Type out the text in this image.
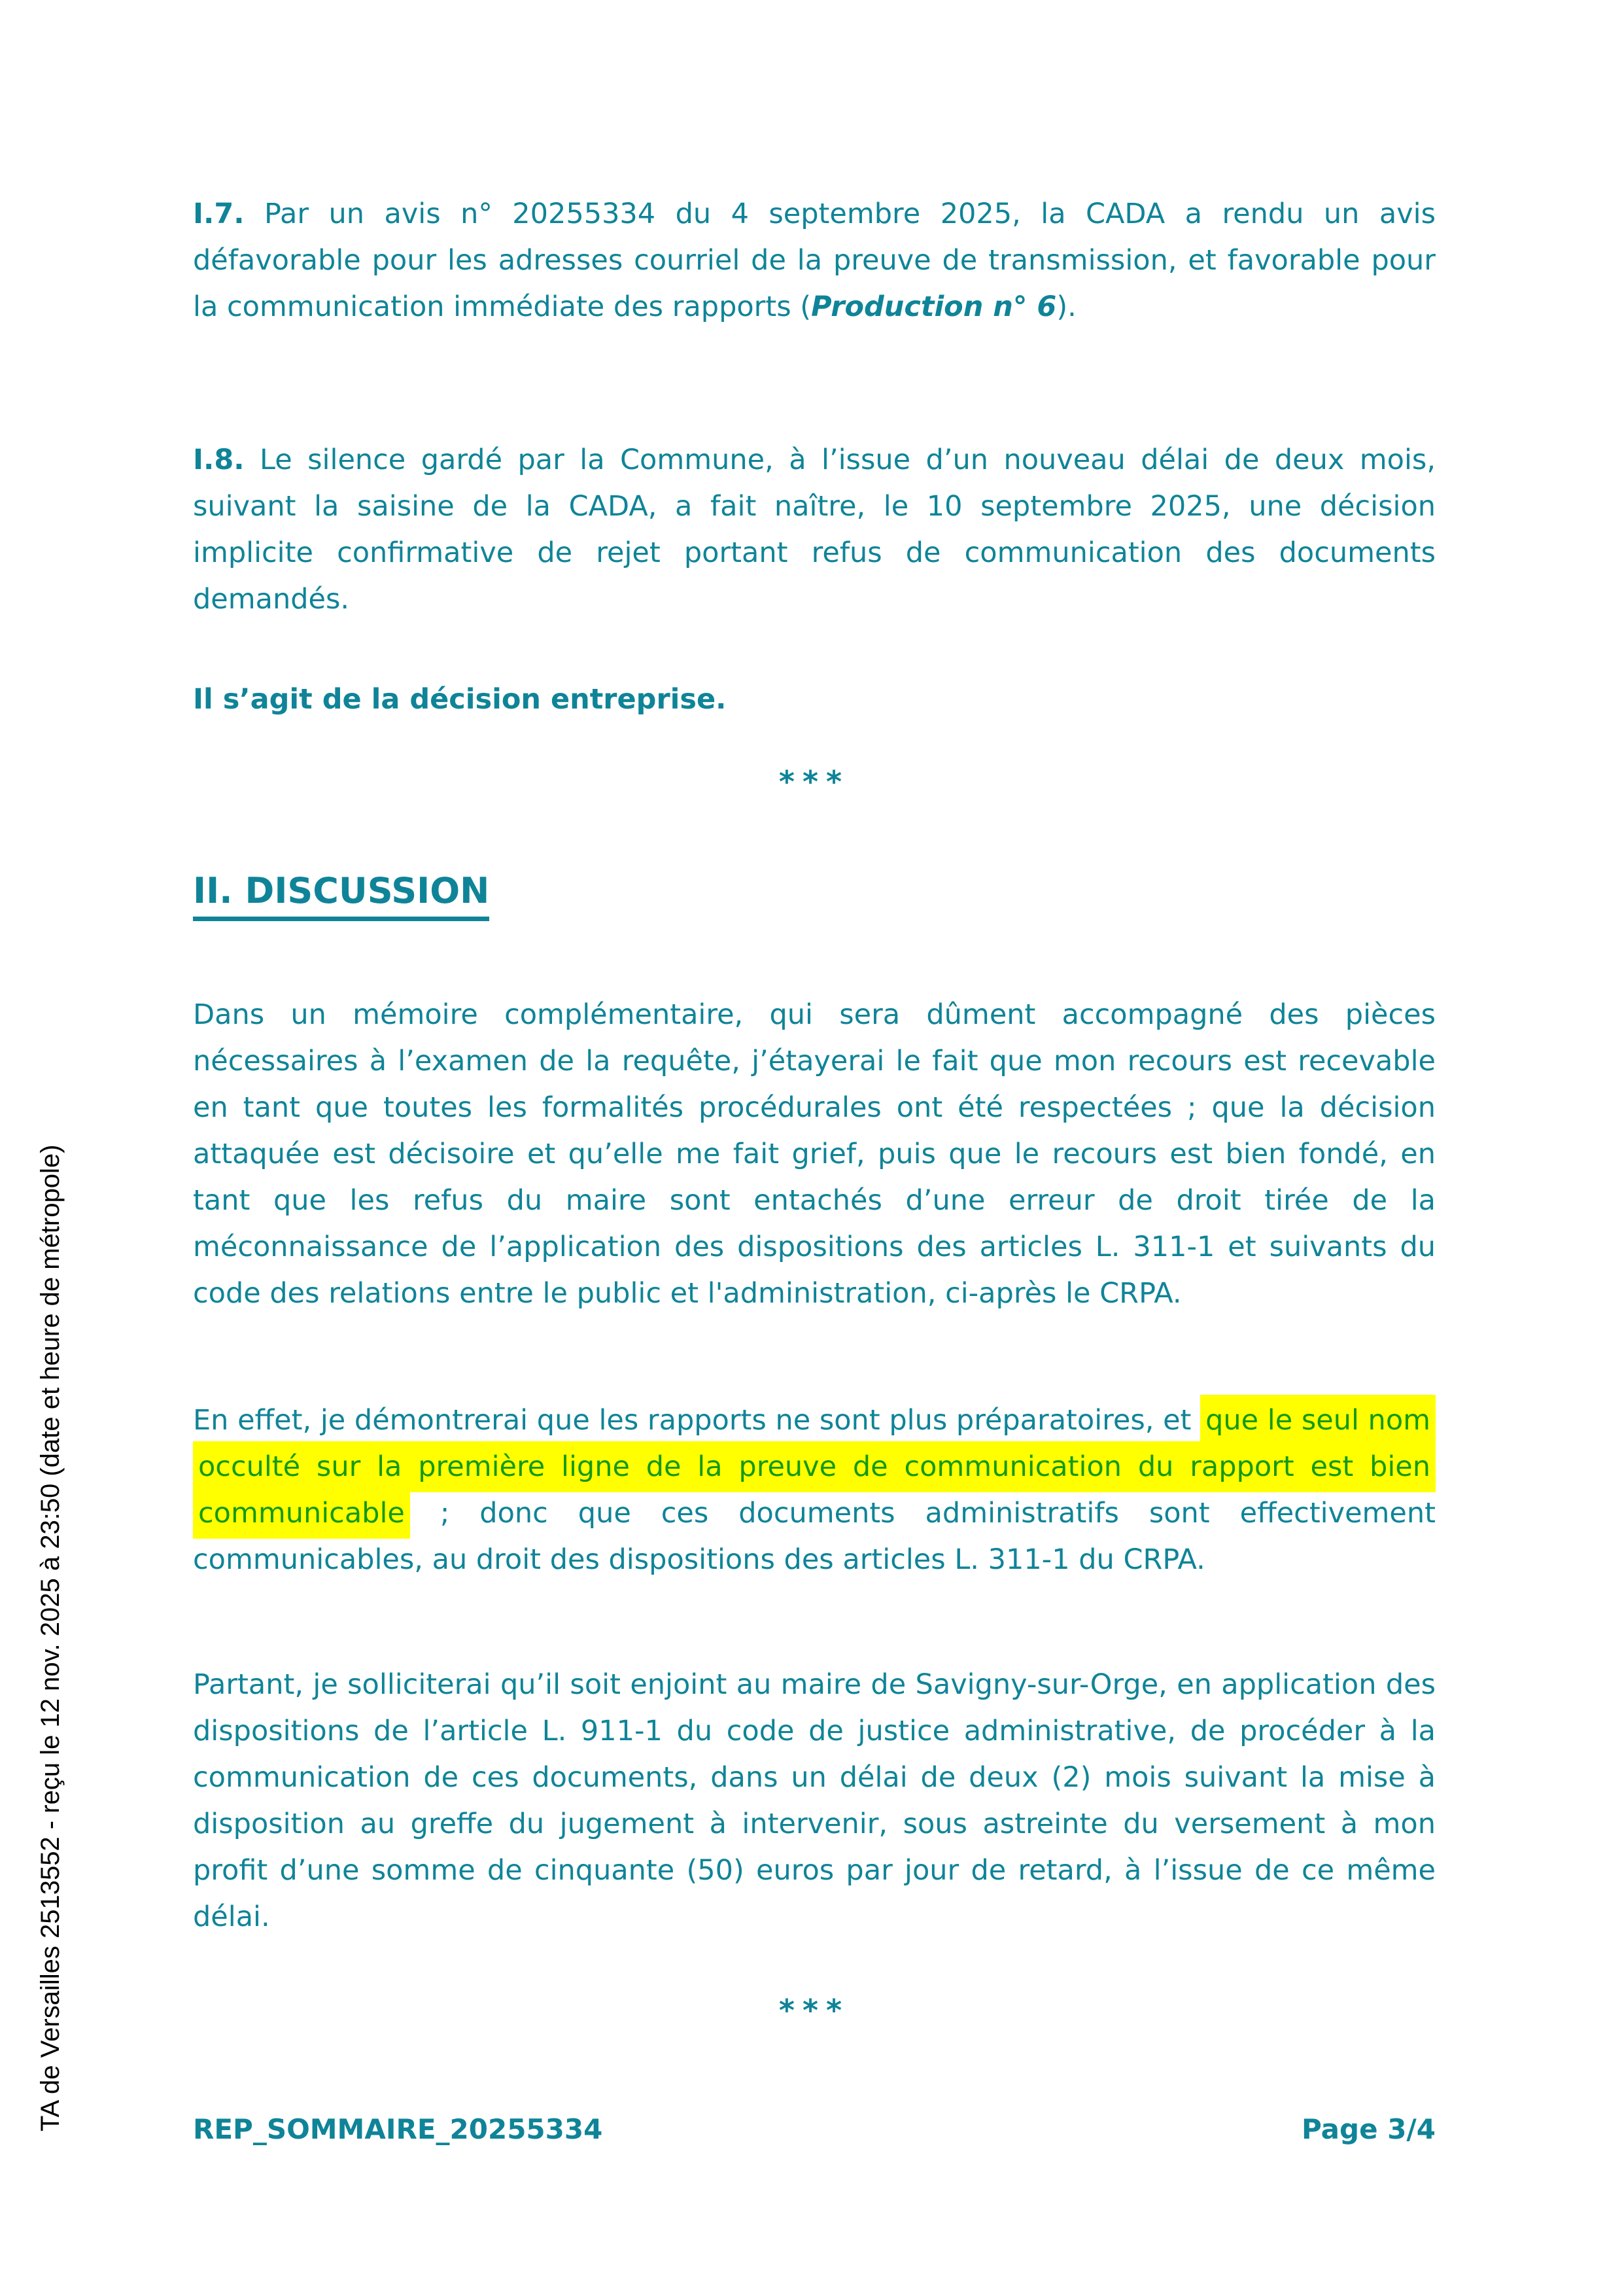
TA de Versailles 2513552 - reçu le 12 nov. 2025 à 23:50 (date et heure de métropole)

I.7. Par un avis n° 20255334 du 4 septembre 2025, la CADA a rendu un avis défavorable pour les adresses courriel de la preuve de transmission, et favorable pour la communication immédiate des rapports (Production n° 6).

I.8. Le silence gardé par la Commune, à l’issue d’un nouveau délai de deux mois, suivant la saisine de la CADA, a fait naître, le 10 septembre 2025, une décision implicite confirmative de rejet portant refus de communication des documents demandés.

Il s’agit de la décision entreprise.

***

II. DISCUSSION

Dans un mémoire complémentaire, qui sera dûment accompagné des pièces nécessaires à l’examen de la requête, j’étayerai le fait que mon recours est recevable en tant que toutes les formalités procédurales ont été respectées ; que la décision attaquée est décisoire et qu’elle me fait grief, puis que le recours est bien fondé, en tant que les refus du maire sont entachés d’une erreur de droit tirée de la méconnaissance de l’application des dispositions des articles L. 311-1 et suivants du code des relations entre le public et l'administration, ci-après le CRPA.

En effet, je démontrerai que les rapports ne sont plus préparatoires, et que le seul nom occulté sur la première ligne de la preuve de communication du rapport est bien communicable ; donc que ces documents administratifs sont effectivement communicables, au droit des dispositions des articles L. 311-1 du CRPA.

Partant, je solliciterai qu’il soit enjoint au maire de Savigny-sur-Orge, en application des dispositions de l’article L. 911-1 du code de justice administrative, de procéder à la communication de ces documents, dans un délai de deux (2) mois suivant la mise à disposition au greffe du jugement à intervenir, sous astreinte du versement à mon profit d’une somme de cinquante (50) euros par jour de retard, à l’issue de ce même délai.

***

REP_SOMMAIRE_20255334	Page 3/4
